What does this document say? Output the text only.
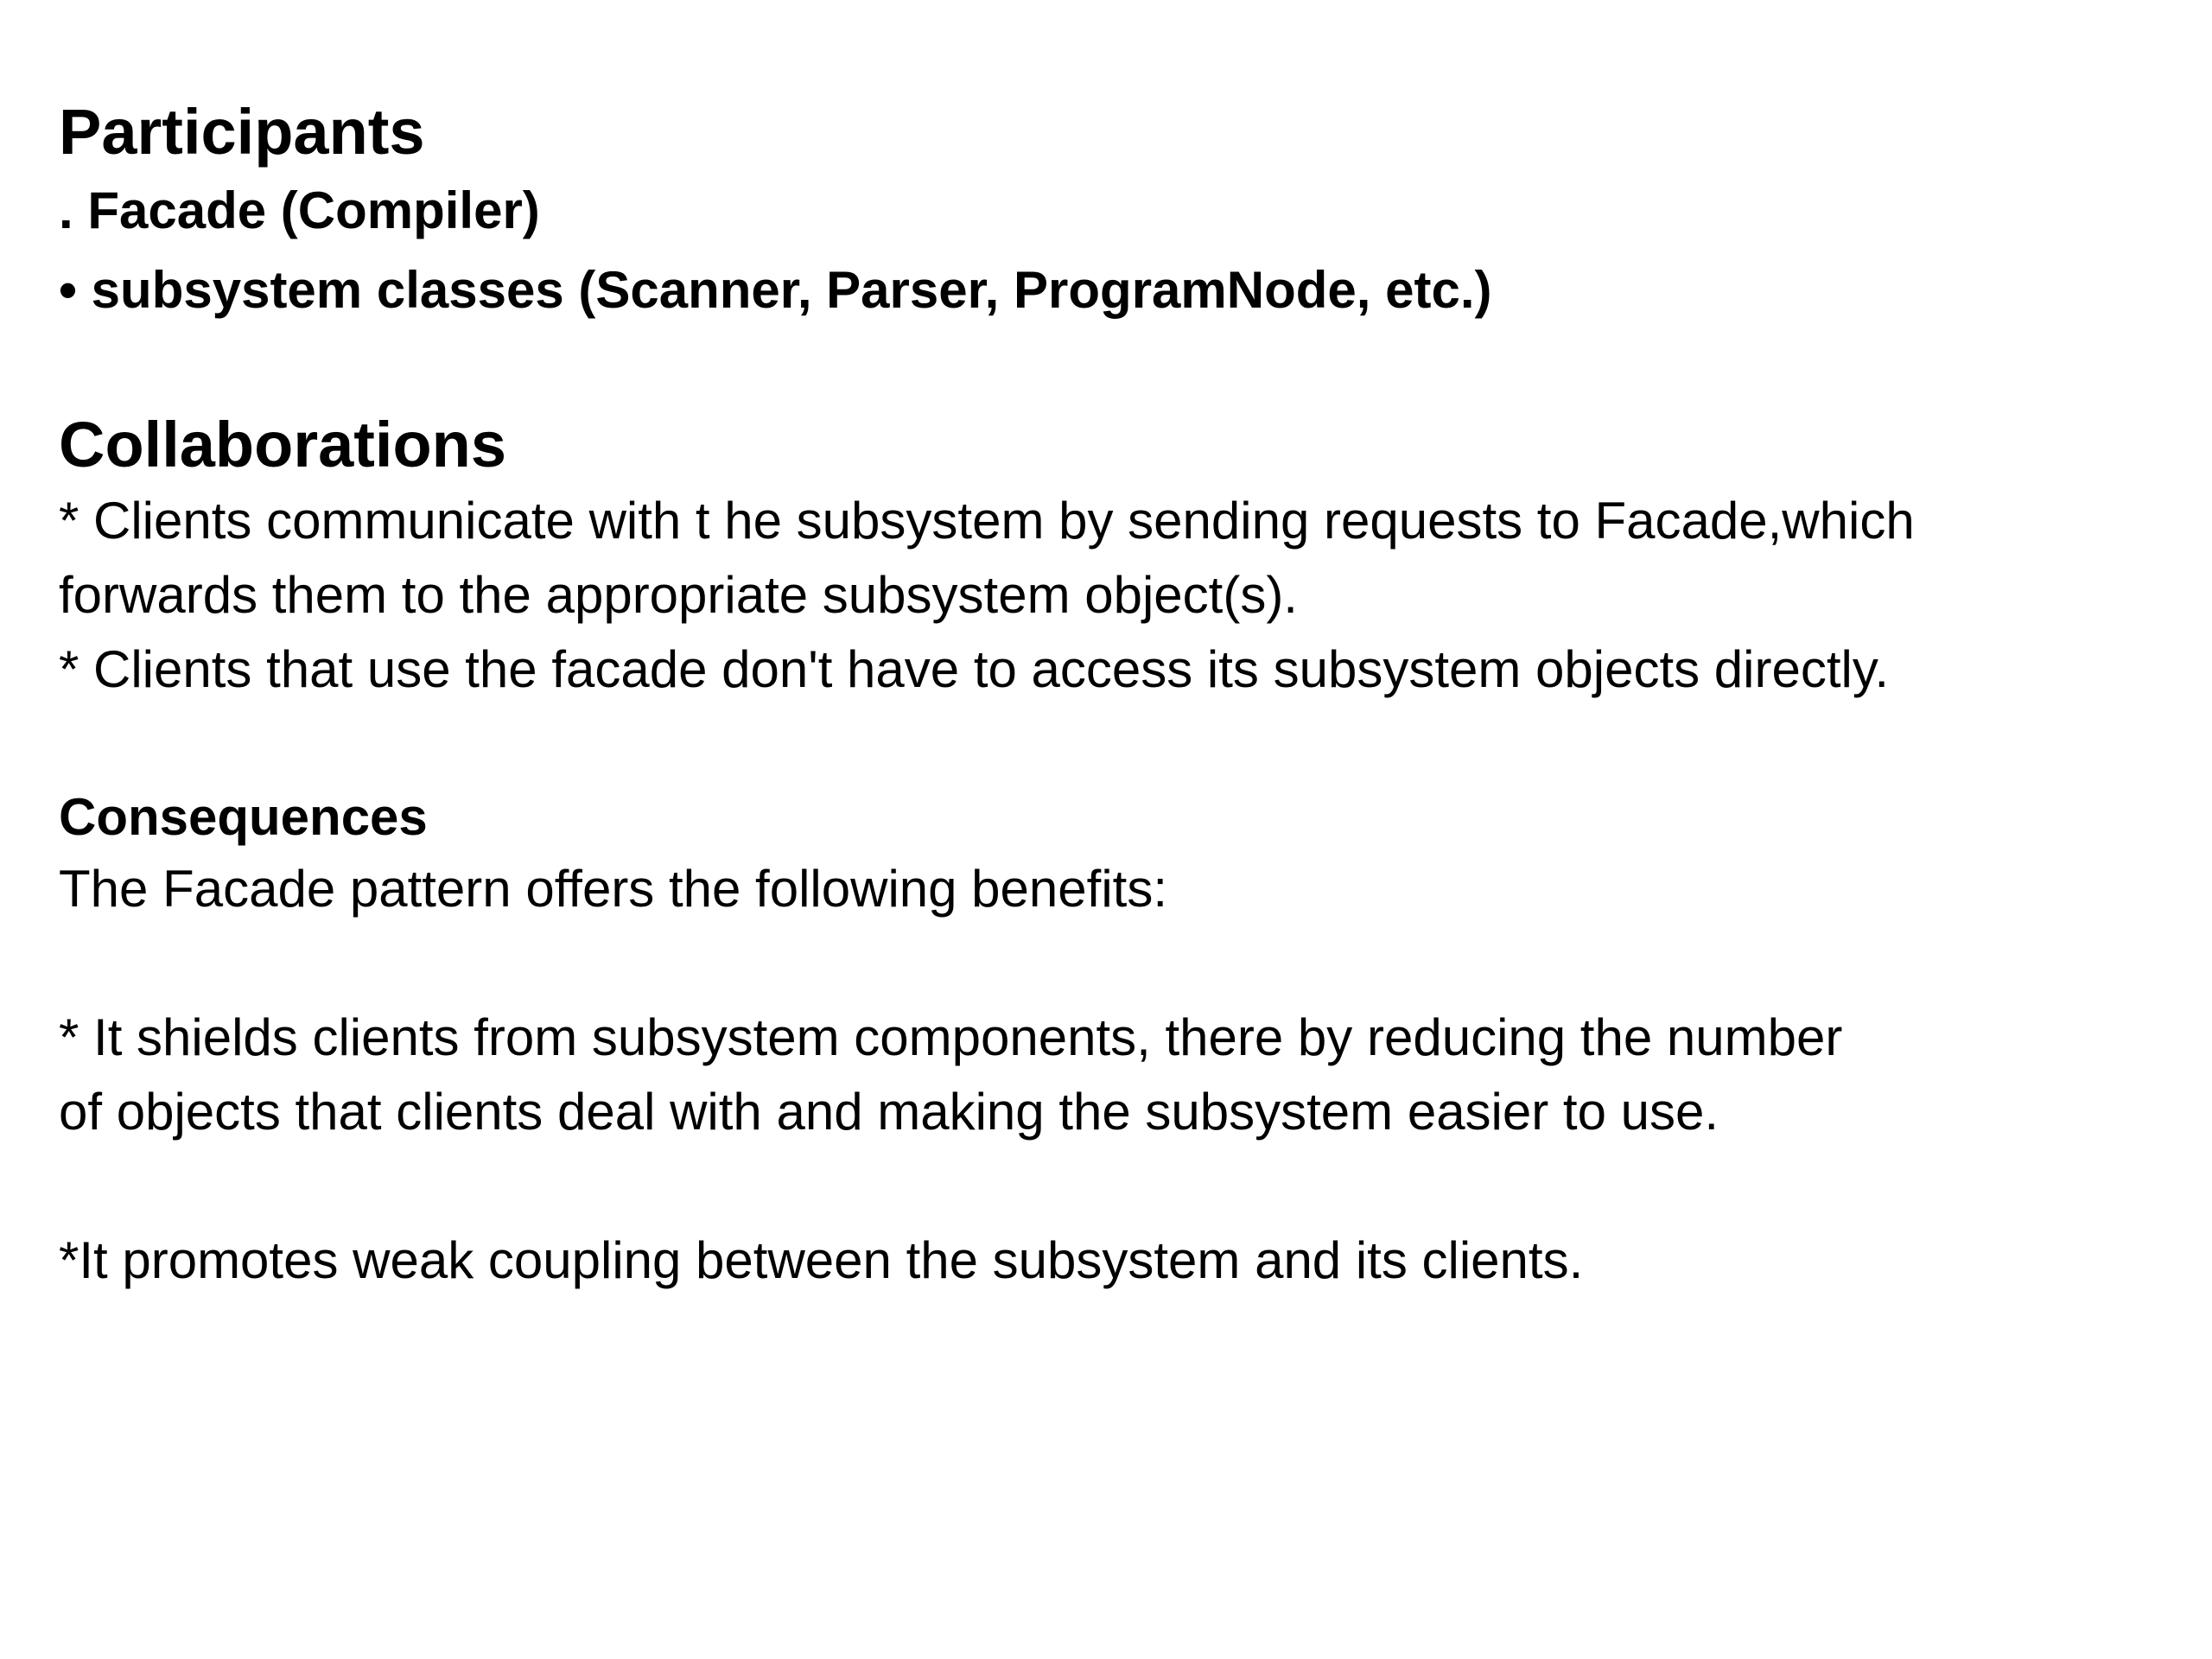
Participants

. Facade (Compiler)

• subsystem classes (Scanner, Parser, ProgramNode, etc.)

Collaborations

* Clients communicate with t he subsystem by sending requests to Facade,which

forwards them to the appropriate subsystem object(s).

* Clients that use the facade don't have to access its subsystem objects directly.

Consequences

The Facade pattern offers the following benefits:

* It shields clients from subsystem components, there by reducing the number

of objects that clients deal with and making the subsystem easier to use.

*It promotes weak coupling between the subsystem and its clients.
